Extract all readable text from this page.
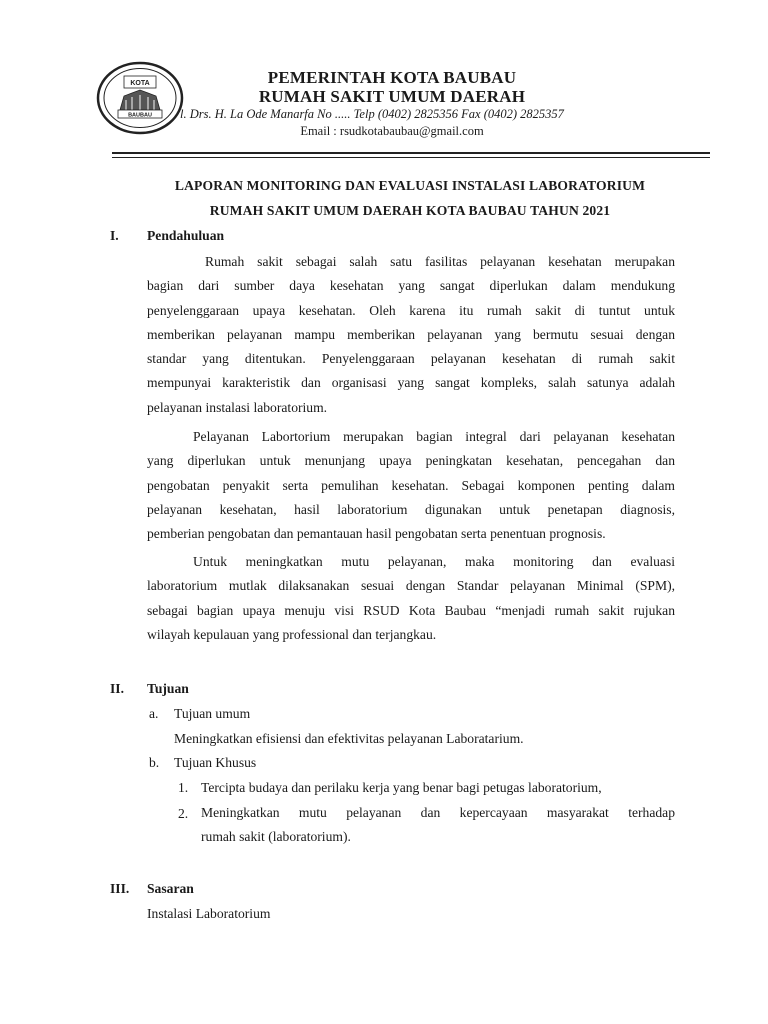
KOTA
BAUBAU
PEMERINTAH KOTA BAUBAU
RUMAH SAKIT UMUM DAERAH
l. Drs. H. La Ode Manarfa No ..... Telp (0402) 2825356 Fax (0402) 2825357
Email : rsudkotabaubau@gmail.com
LAPORAN MONITORING DAN EVALUASI INSTALASI LABORATORIUM
RUMAH SAKIT UMUM DAERAH KOTA BAUBAU TAHUN 2021
I. Pendahuluan
Rumah sakit sebagai salah satu fasilitas pelayanan kesehatan merupakan
bagian dari sumber daya kesehatan yang sangat diperlukan dalam mendukung
penyelenggaraan upaya kesehatan. Oleh karena itu rumah sakit di tuntut untuk
memberikan pelayanan mampu memberikan pelayanan yang bermutu sesuai dengan
standar yang ditentukan. Penyelenggaraan pelayanan kesehatan di rumah sakit
mempunyai karakteristik dan organisasi yang sangat kompleks, salah satunya adalah
pelayanan instalasi laboratorium.
Pelayanan Labortorium merupakan bagian integral dari pelayanan kesehatan
yang diperlukan untuk menunjang upaya peningkatan kesehatan, pencegahan dan
pengobatan penyakit serta pemulihan kesehatan. Sebagai komponen penting dalam
pelayanan kesehatan, hasil laboratorium digunakan untuk penetapan diagnosis,
pemberian pengobatan dan pemantauan hasil pengobatan serta penentuan prognosis.
Untuk meningkatkan mutu pelayanan, maka monitoring dan evaluasi
laboratorium mutlak dilaksanakan sesuai dengan Standar pelayanan Minimal (SPM),
sebagai bagian upaya menuju visi RSUD Kota Baubau “menjadi rumah sakit rujukan
wilayah kepulauan yang professional dan terjangkau.
II. Tujuan
a. Tujuan umum
Meningkatkan efisiensi dan efektivitas pelayanan Laboratarium.
b. Tujuan Khusus
1. Tercipta budaya dan perilaku kerja yang benar bagi petugas laboratorium,
2. Meningkatkan mutu pelayanan dan kepercayaan masyarakat terhadap
rumah sakit (laboratorium).
III. Sasaran
Instalasi Laboratorium
